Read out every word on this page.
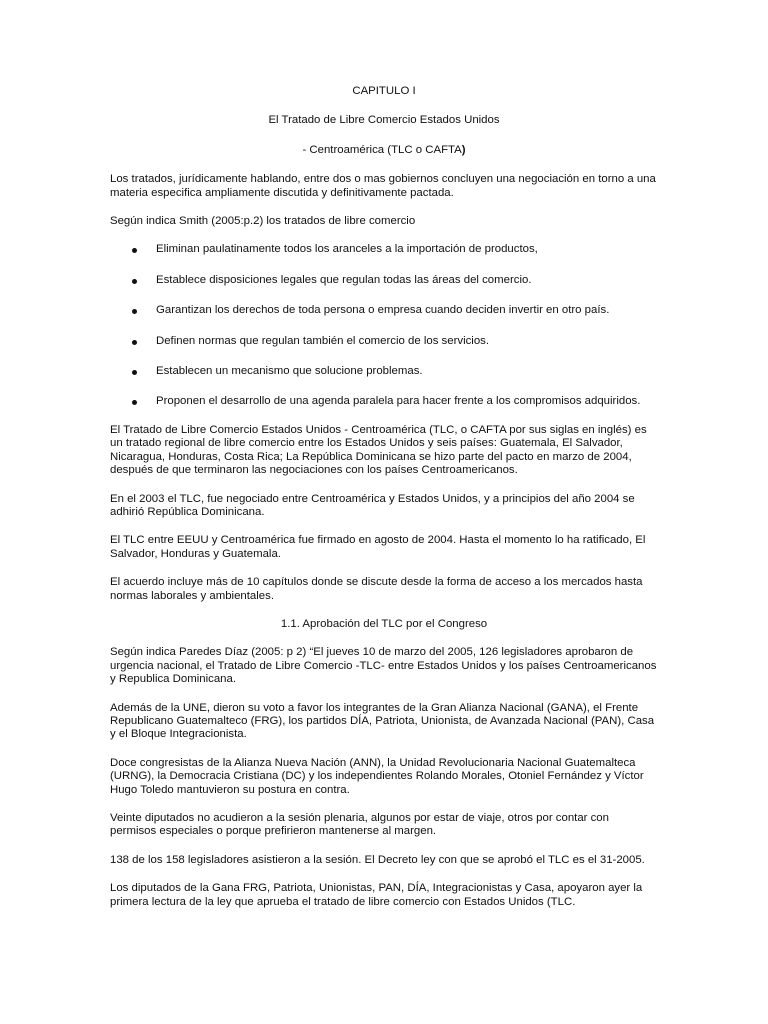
CAPITULO I

El Tratado de Libre Comercio Estados Unidos

- Centroamérica (TLC o CAFTA)

Los tratados, jurídicamente hablando, entre dos o mas gobiernos concluyen una negociación en torno a una materia especifica ampliamente discutida y definitivamente pactada.

Según indica Smith (2005:p.2) los tratados de libre comercio

Eliminan paulatinamente todos los aranceles a la importación de productos,
Establece disposiciones legales que regulan todas las áreas del comercio.
Garantizan los derechos de toda persona o empresa cuando deciden invertir en otro país.
Definen normas que regulan también el comercio de los servicios.
Establecen un mecanismo que solucione problemas.
Proponen el desarrollo de una agenda paralela para hacer frente a los compromisos adquiridos.

El Tratado de Libre Comercio Estados Unidos - Centroamérica (TLC, o CAFTA por sus siglas en inglés) es un tratado regional de libre comercio entre los Estados Unidos y seis países: Guatemala, El Salvador, Nicaragua, Honduras, Costa Rica; La República Dominicana se hizo parte del pacto en marzo de 2004, después de que terminaron las negociaciones con los países Centroamericanos.

En el 2003 el TLC, fue negociado entre Centroamérica y Estados Unidos, y a principios del año 2004 se adhirió República Dominicana.

El TLC entre EEUU y Centroamérica fue firmado en agosto de 2004. Hasta el momento lo ha ratificado, El Salvador, Honduras y Guatemala.

El acuerdo incluye más de 10 capítulos donde se discute desde la forma de acceso a los mercados hasta normas laborales y ambientales.

1.1. Aprobación del TLC por el Congreso

Según indica Paredes Díaz (2005: p 2) “El jueves 10 de marzo del 2005, 126 legisladores aprobaron de urgencia nacional, el Tratado de Libre Comercio -TLC- entre Estados Unidos y los países Centroamericanos y Republica Dominicana.

Además de la UNE, dieron su voto a favor los integrantes de la Gran Alianza Nacional (GANA), el Frente Republicano Guatemalteco (FRG), los partidos DÍA, Patriota, Unionista, de Avanzada Nacional (PAN), Casa y el Bloque Integracionista.

Doce congresistas de la Alianza Nueva Nación (ANN), la Unidad Revolucionaria Nacional Guatemalteca (URNG), la Democracia Cristiana (DC) y los independientes Rolando Morales, Otoniel Fernández y Víctor Hugo Toledo mantuvieron su postura en contra.

Veinte diputados no acudieron a la sesión plenaria, algunos por estar de viaje, otros por contar con permisos especiales o porque prefirieron mantenerse al margen.

138 de los 158 legisladores asistieron a la sesión. El Decreto ley con que se aprobó el TLC es el 31-2005.

Los diputados de la Gana FRG, Patriota, Unionistas, PAN, DÍA, Integracionistas y Casa, apoyaron ayer la primera lectura de la ley que aprueba el tratado de libre comercio con Estados Unidos (TLC.
